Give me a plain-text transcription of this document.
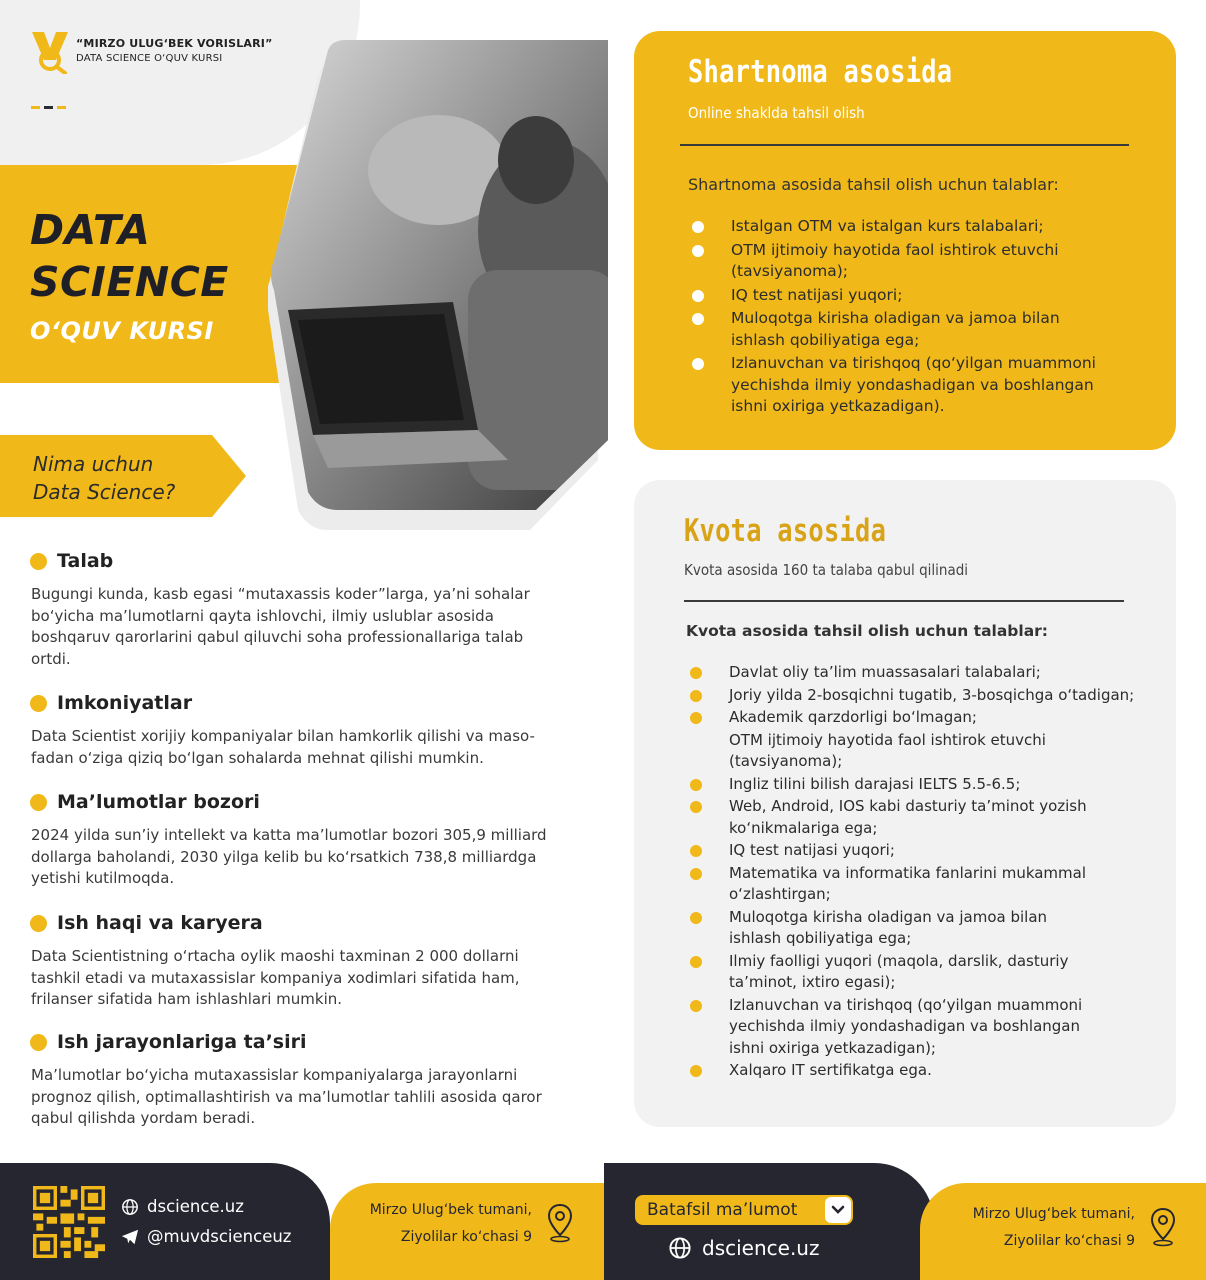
“MIRZO ULUG‘BEK VORISLARI”
DATA SCIENCE O‘QUV KURSI
DATA
SCIENCE
O‘QUV KURSI
Nima uchun
Data Science?
Talab
Bugungi kunda, kasb egasi “mutaxassis koder”larga, ya’ni sohalar bo‘yicha ma’lumotlarni qayta ishlovchi, ilmiy uslublar asosida boshqaruv qarorlarini qabul qiluvchi soha professionallariga talab ortdi.
Imkoniyatlar
Data Scientist xorijiy kompaniyalar bilan hamkorlik qilishi va maso-fadan o‘ziga qiziq bo‘lgan sohalarda mehnat qilishi mumkin.
Ma’lumotlar bozori
2024 yilda sun’iy intellekt va katta ma’lumotlar bozori 305,9 milliard dollarga baholandi, 2030 yilga kelib bu ko‘rsatkich 738,8 milliardga yetishi kutilmoqda.
Ish haqi va karyera
Data Scientistning o‘rtacha oylik maoshi taxminan 2 000 dollarni tashkil etadi va mutaxassislar kompaniya xodimlari sifatida ham, frilanser sifatida ham ishlashlari mumkin.
Ish jarayonlariga ta’siri
Ma’lumotlar bo‘yicha mutaxassislar kompaniyalarga jarayonlarni prognoz qilish, optimallashtirish va ma’lumotlar tahlili asosida qaror qabul qilishda yordam beradi.
Shartnoma asosida
Online shaklda tahsil olish
Shartnoma asosida tahsil olish uchun talablar:
Istalgan OTM va istalgan kurs talabalari;
OTM ijtimoiy hayotida faol ishtirok etuvchi (tavsiyanoma);
IQ test natijasi yuqori;
Muloqotga kirisha oladigan va jamoa bilan ishlash qobiliyatiga ega;
Izlanuvchan va tirishqoq (qo‘yilgan muammoni yechishda ilmiy yondashadigan va boshlangan ishni oxiriga yetkazadigan).
Kvota asosida
Kvota asosida 160 ta talaba qabul qilinadi
Kvota asosida tahsil olish uchun talablar:
Davlat oliy ta’lim muassasalari talabalari;
Joriy yilda 2-bosqichni tugatib, 3-bosqichga o‘tadigan;
Akademik qarzdorligi bo‘lmagan;
OTM ijtimoiy hayotida faol ishtirok etuvchi (tavsiyanoma);
Ingliz tilini bilish darajasi IELTS 5.5-6.5;
Web, Android, IOS kabi dasturiy ta’minot yozish ko‘nikmalariga ega;
IQ test natijasi yuqori;
Matematika va informatika fanlarini mukammal o‘zlashtirgan;
Muloqotga kirisha oladigan va jamoa bilan ishlash qobiliyatiga ega;
Ilmiy faolligi yuqori (maqola, darslik, dasturiy ta’minot, ixtiro egasi);
Izlanuvchan va tirishqoq (qo‘yilgan muammoni yechishda ilmiy yondashadigan va boshlangan ishni oxiriga yetkazadigan);
Xalqaro IT sertifikatga ega.
dscience.uz
@muvdscienceuz
Mirzo Ulug‘bek tumani,
Ziyolilar ko‘chasi 9
Batafsil ma’lumot
dscience.uz
Mirzo Ulug‘bek tumani,
Ziyolilar ko‘chasi 9
